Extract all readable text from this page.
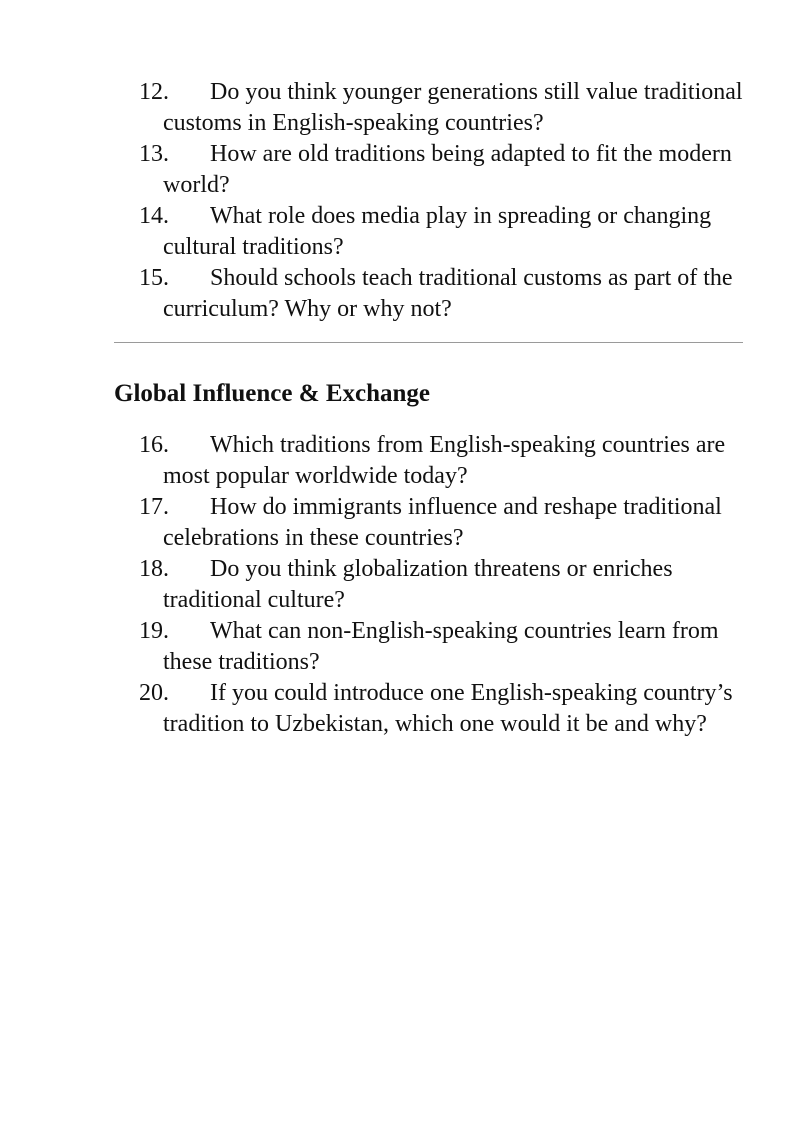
12. Do you think younger generations still value traditional customs in English-speaking countries?
13. How are old traditions being adapted to fit the modern world?
14. What role does media play in spreading or changing cultural traditions?
15. Should schools teach traditional customs as part of the curriculum? Why or why not?
Global Influence & Exchange
16. Which traditions from English-speaking countries are most popular worldwide today?
17. How do immigrants influence and reshape traditional celebrations in these countries?
18. Do you think globalization threatens or enriches traditional culture?
19. What can non-English-speaking countries learn from these traditions?
20. If you could introduce one English-speaking country’s tradition to Uzbekistan, which one would it be and why?
